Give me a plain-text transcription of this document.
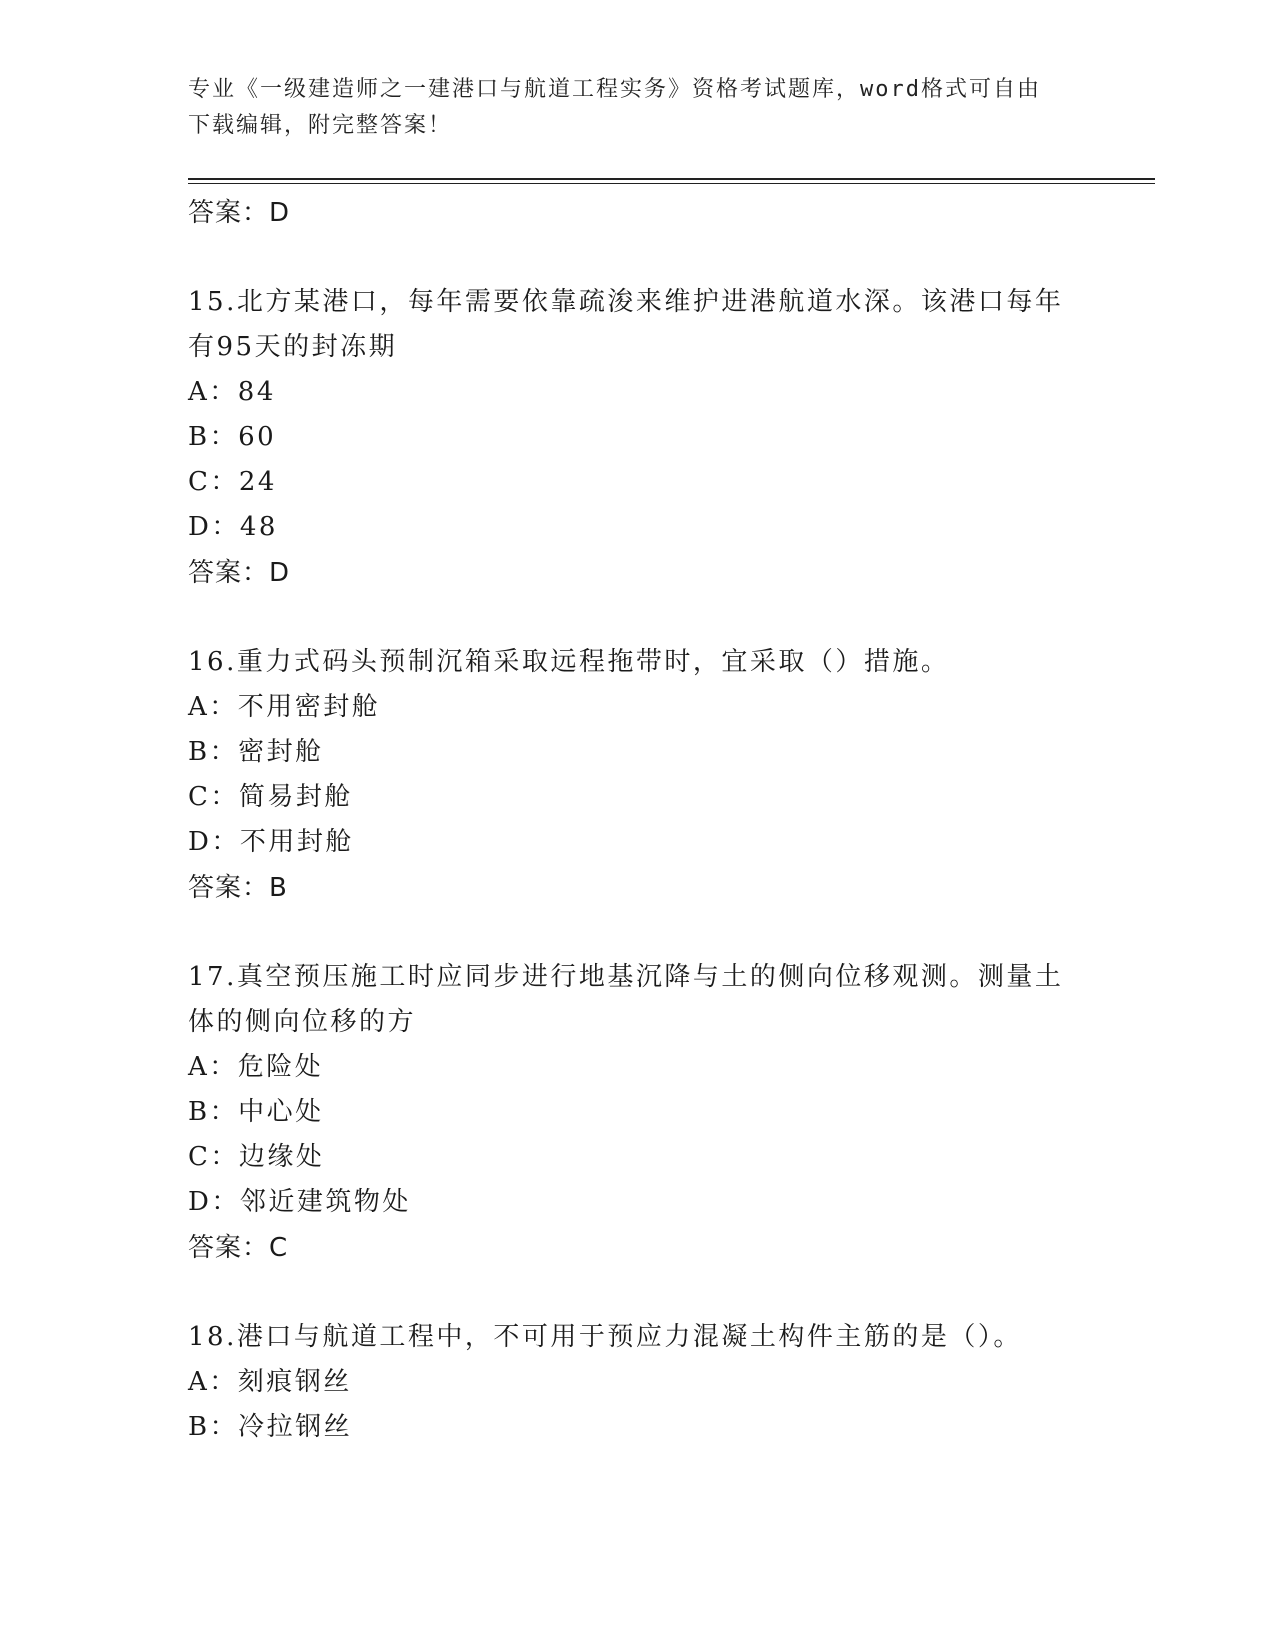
专业《一级建造师之一建港口与航道工程实务》资格考试题库，word格式可自由
下载编辑，附完整答案！
答案：D
15.北方某港口，每年需要依靠疏浚来维护进港航道水深。该港口每年
有95天的封冻期
A：84
B：60
C：24
D：48
答案：D
16.重力式码头预制沉箱采取远程拖带时，宜采取（）措施。
A：不用密封舱
B：密封舱
C：简易封舱
D：不用封舱
答案：B
17.真空预压施工时应同步进行地基沉降与土的侧向位移观测。测量土
体的侧向位移的方
A：危险处
B：中心处
C：边缘处
D：邻近建筑物处
答案：C
18.港口与航道工程中，不可用于预应力混凝土构件主筋的是（）。
A：刻痕钢丝
B：冷拉钢丝
